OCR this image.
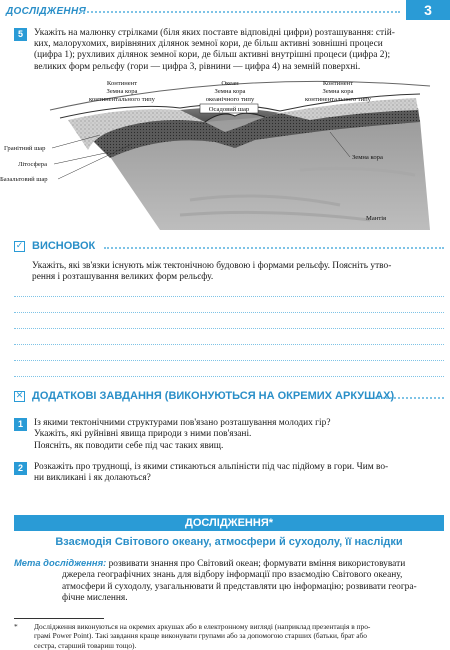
ДОСЛІДЖЕННЯ	3
5	Укажіть на малюнку стрілками (біля яких поставте відповідні цифри) розташування: стій-
ких, малорухомих, вирівняних ділянок земної кори, де більш активні зовнішні процеси
(цифра 1); рухливих ділянок земної кори, де більш активні внутрішні процеси (цифра 2);
великих форм рельєфу (гори — цифра 3, рівнини — цифра 4) на земній поверхні.
Континент
Земна кора
континентального типу
Океан
Земна кора
океанічного типу
Континент
Земна кора
континентального типу
Осадовий шар
Гранітний шар
Літосфера
Базальтовий шар
Земна кора
Мантія
✓ ВИСНОВОК
Укажіть, які зв'язки існують між тектонічною будовою і формами рельєфу. Поясніть утво-
рення і розташування великих форм рельєфу.
✕ ДОДАТКОВІ ЗАВДАННЯ (ВИКОНУЮТЬСЯ НА ОКРЕМИХ АРКУШАХ)
1	Із якими тектонічними структурами пов'язано розташування молодих гір?
Укажіть, які руйнівні явища природи з ними пов'язані.
Поясніть, як поводити себе під час таких явищ.
2	Розкажіть про труднощі, із якими стикаються альпіністи під час підйому в гори. Чим во-
ни викликані і як долаються?
ДОСЛІДЖЕННЯ*
Взаємодія Світового океану, атмосфери й суходолу, її наслідки
Мета дослідження: розвивати знання про Світовий океан; формувати вміння використовувати
джерела географічних знань для відбору інформації про взаємодію Світового океану,
атмосфери й суходолу, узагальнювати й представляти цю інформацію; розвивати геогра-
фічне мислення.
* Дослідження виконуються на окремих аркушах або в електронному вигляді (наприклад презентація в про-
грамі Power Point). Такі завдання краще виконувати групами або за допомогою старших (батьки, брат або
сестра, старший товариш тощо).
